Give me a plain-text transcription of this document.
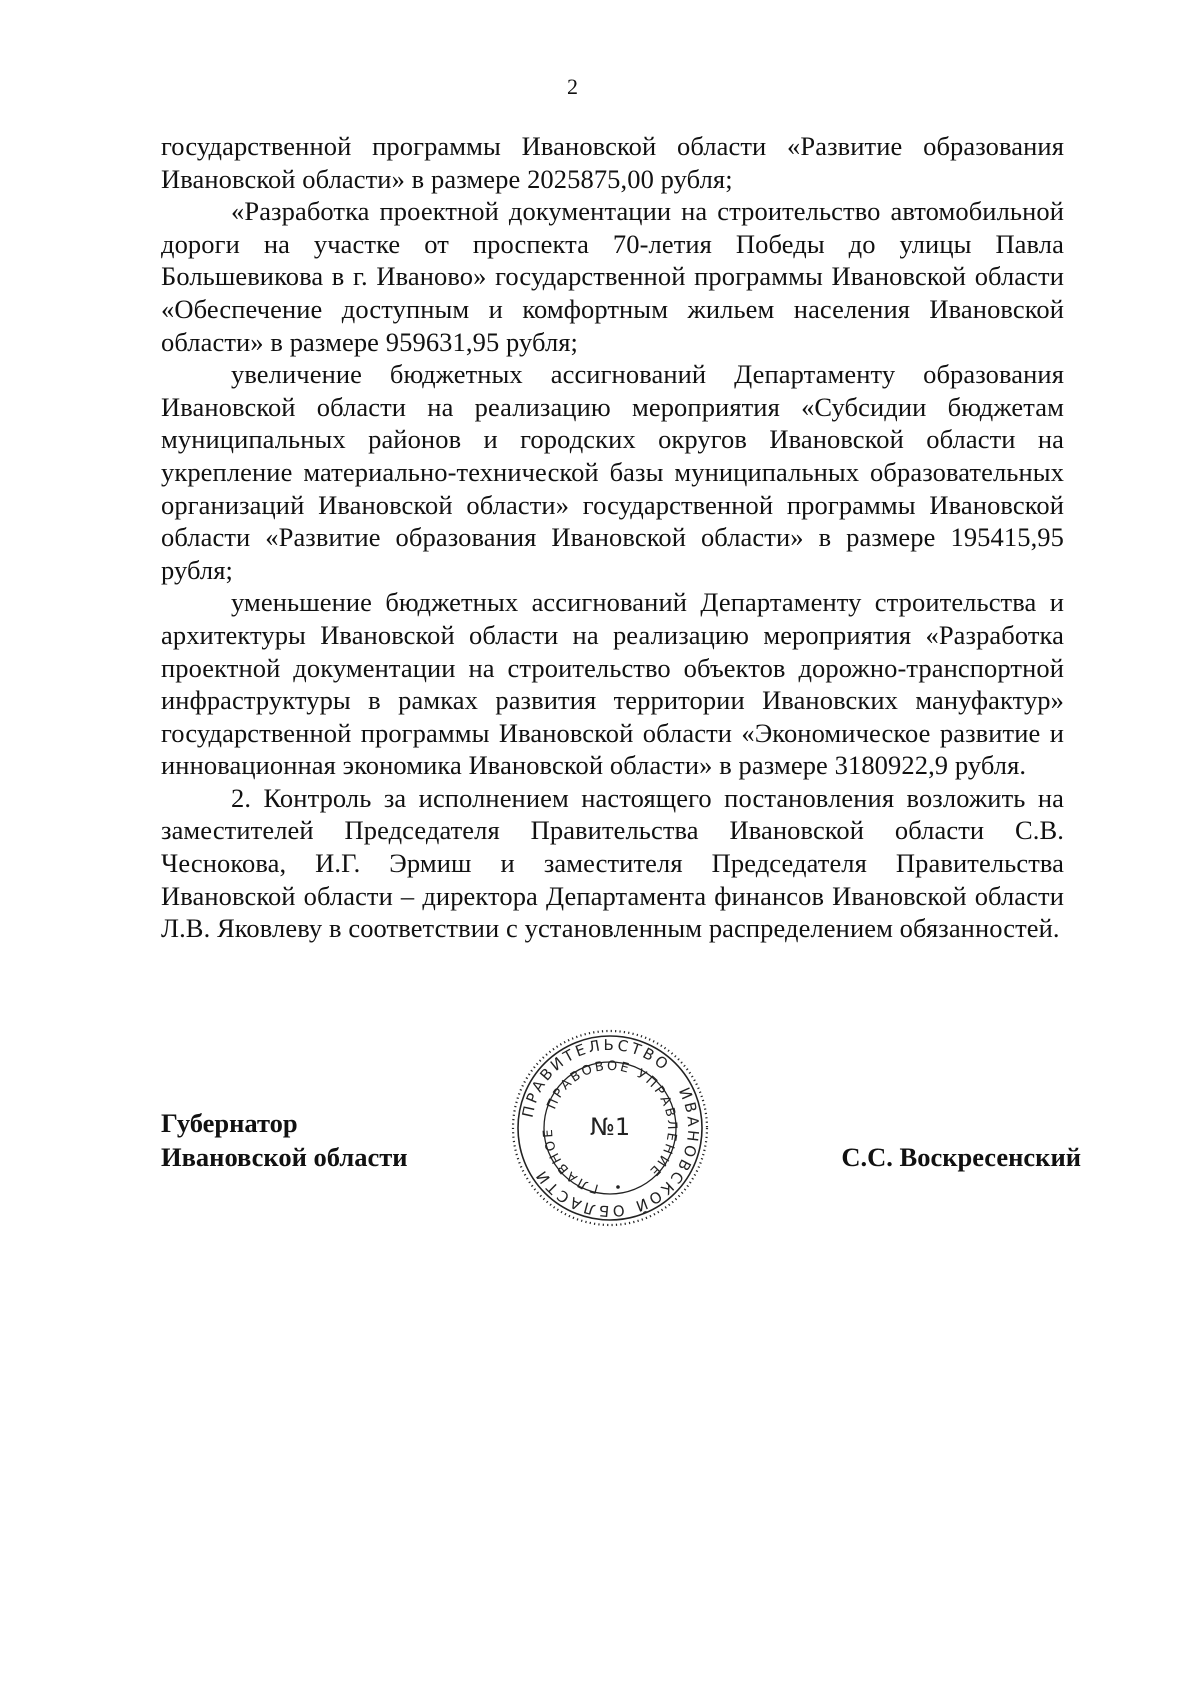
2

государственной программы Ивановской области «Развитие образования Ивановской области» в размере 2025875,00 рубля;

«Разработка проектной документации на строительство автомобильной дороги на участке от проспекта 70-летия Победы до улицы Павла Большевикова в г. Иваново» государственной программы Ивановской области «Обеспечение доступным и комфортным жильем населения Ивановской области» в размере 959631,95 рубля;

увеличение бюджетных ассигнований Департаменту образования Ивановской области на реализацию мероприятия «Субсидии бюджетам муниципальных районов и городских округов Ивановской области на укрепление материально-технической базы муниципальных образовательных организаций Ивановской области» государственной программы Ивановской области «Развитие образования Ивановской области» в размере 195415,95 рубля;

уменьшение бюджетных ассигнований Департаменту строительства и архитектуры Ивановской области на реализацию мероприятия «Разработка проектной документации на строительство объектов дорожно-транспортной инфраструктуры в рамках развития территории Ивановских мануфактур» государственной программы Ивановской области «Экономическое развитие и инновационная экономика Ивановской области» в размере 3180922,9 рубля.

2. Контроль за исполнением настоящего постановления возложить на заместителей Председателя Правительства Ивановской области С.В. Чеснокова, И.Г. Эрмиш и заместителя Председателя Правительства Ивановской области – директора Департамента финансов Ивановской области Л.В. Яковлеву в соответствии с установленным распределением обязанностей.

Губернатор
Ивановской области	С.С. Воскресенский
ПРАВИТЕЛЬСТВО
ИВАНОВСКОЙ ОБЛАСТИ
ПРАВОВОЕ УПРАВЛЕНИЕ
ГЛАВНОЕ	№1
